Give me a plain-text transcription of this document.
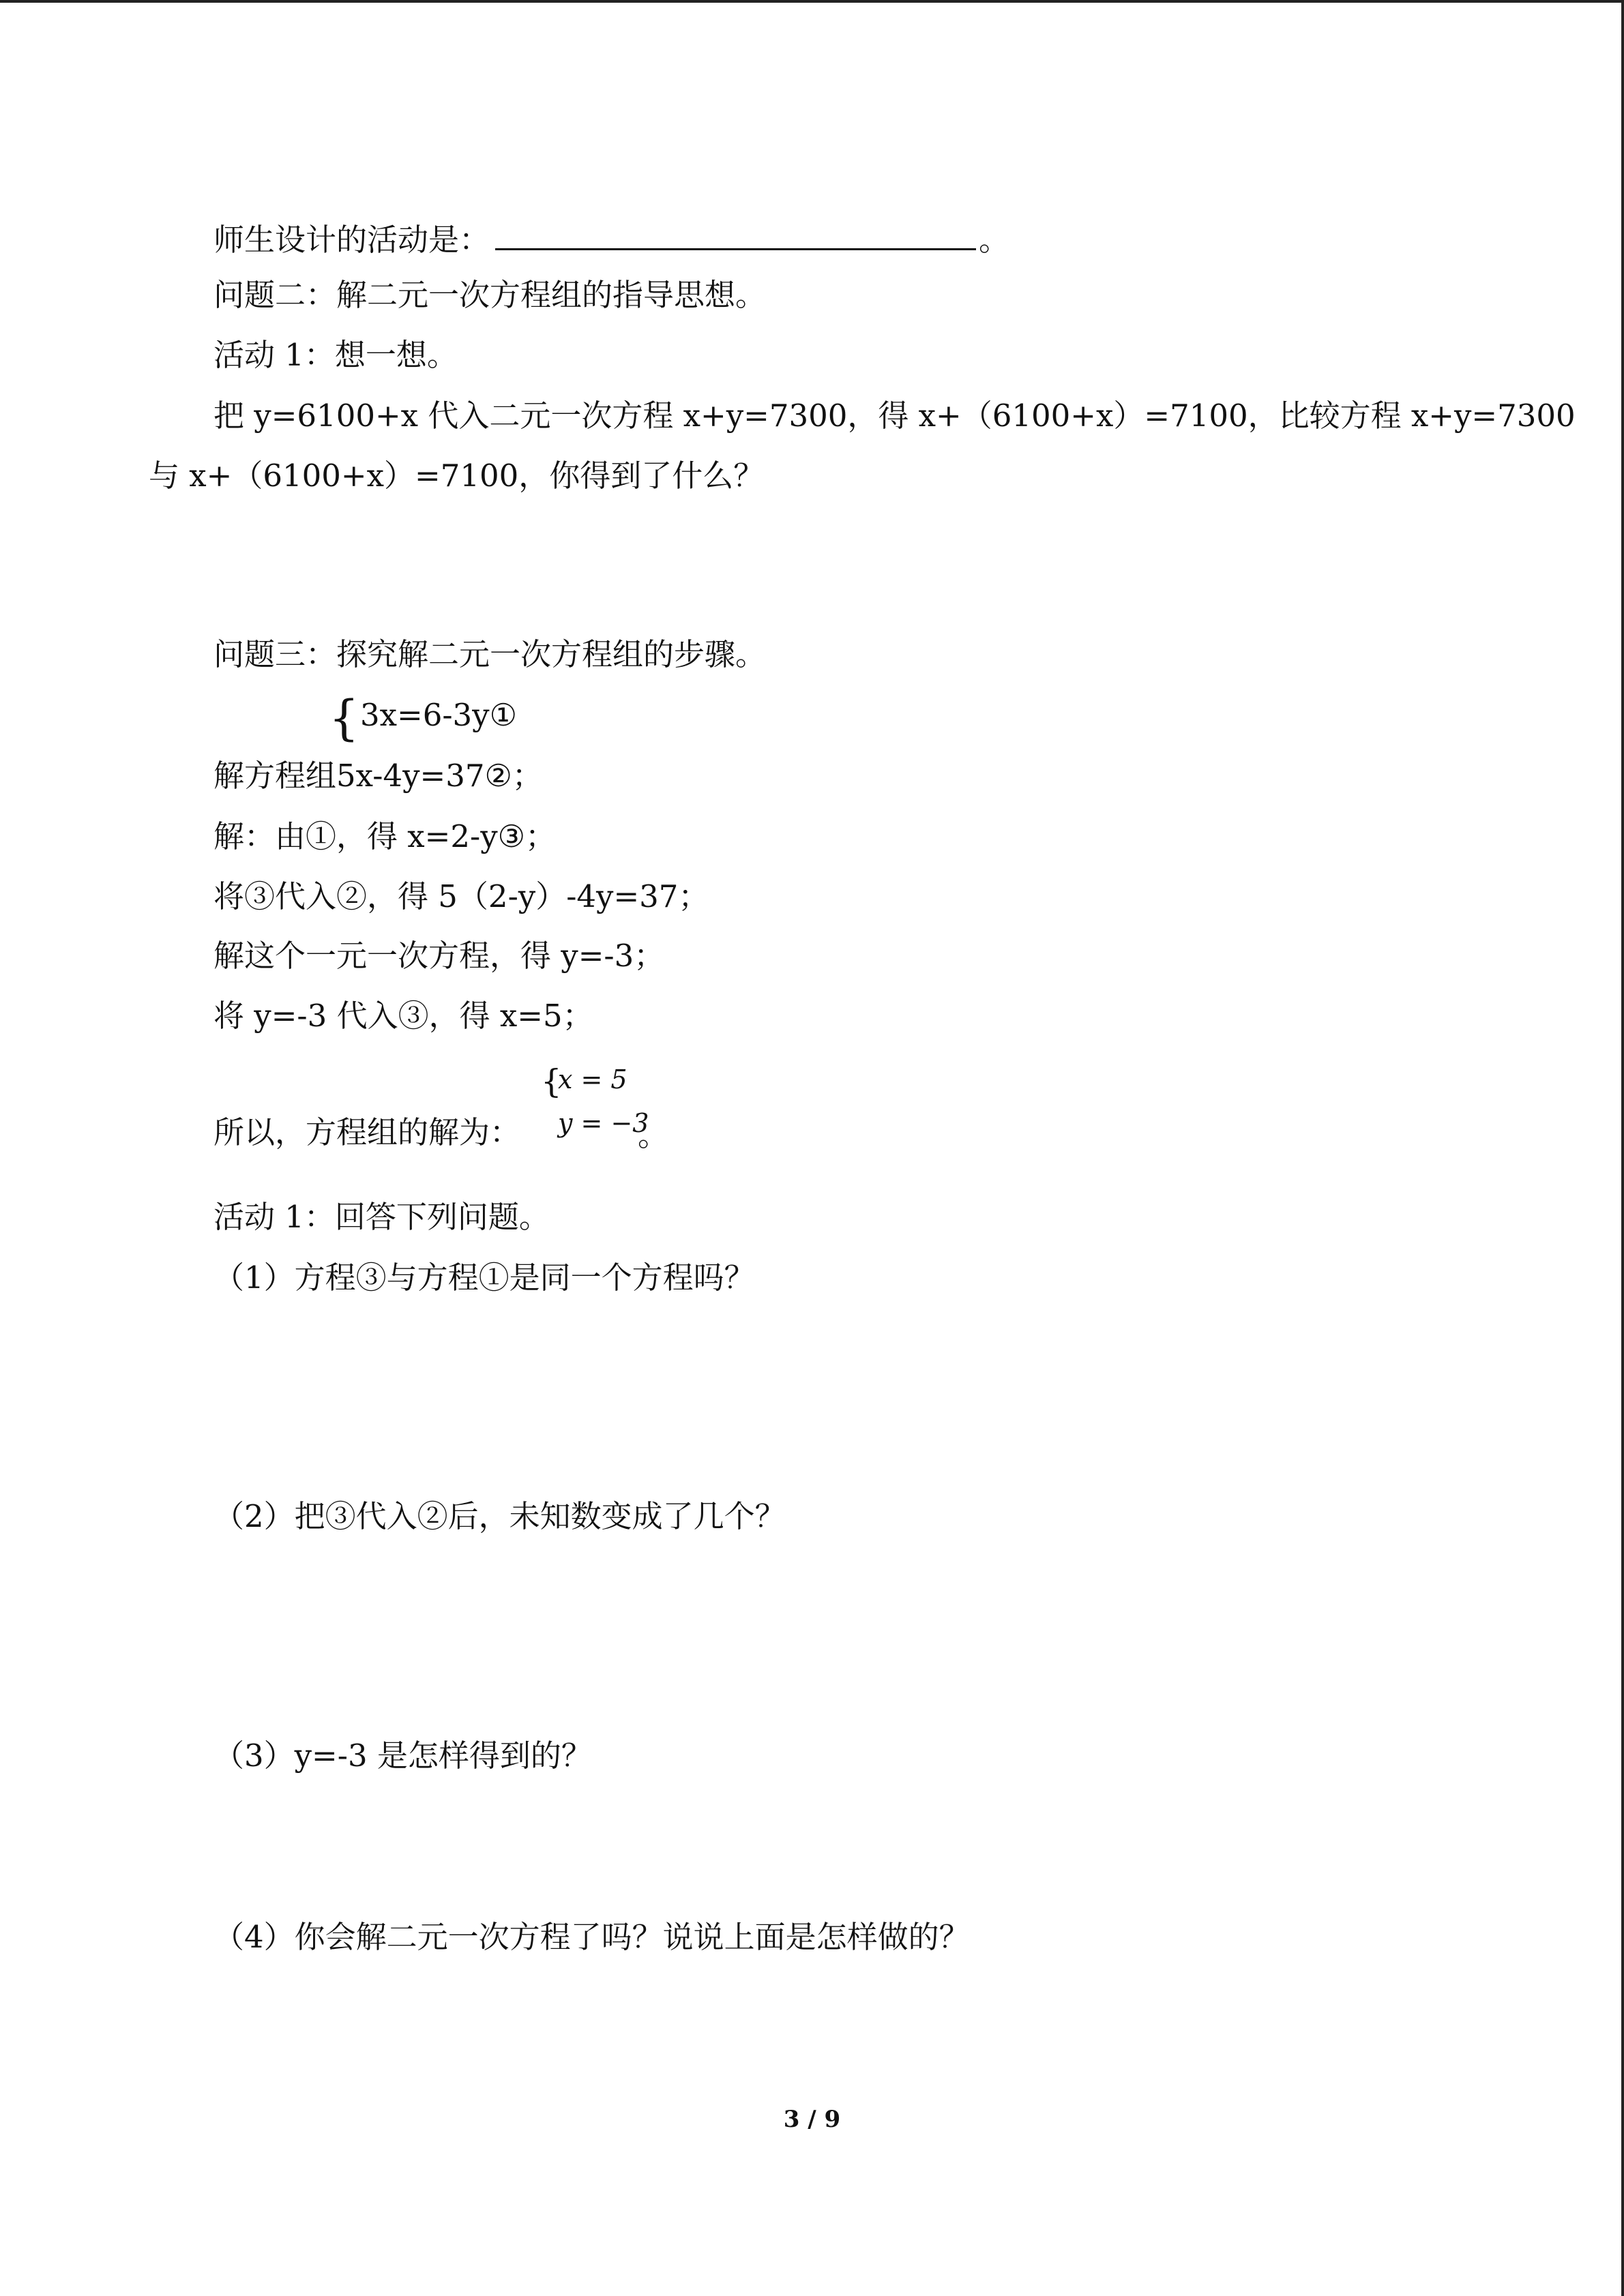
师生设计的活动是：	。
问题二：解二元一次方程组的指导思想。
活动 1：想一想。
把 y=6100+x 代入二元一次方程 x+y=7300，得 x+（6100+x）=7100，比较方程 x+y=7300
与 x+（6100+x）=7100，你得到了什么？
问题三：探究解二元一次方程组的步骤。
{ 3x=6-3y①
解方程组5x-4y=37②；
解：由①，得 x=2-y③；
将③代入②，得 5（2-y）-4y=37；
解这个一元一次方程，得 y=-3；
将 y=-3 代入③，得 x=5；
{
x = 5
所以，方程组的解为： y = −3
。
活动 1：回答下列问题。
（1）方程③与方程①是同一个方程吗？
（2）把③代入②后，未知数变成了几个？
（3）y=-3 是怎样得到的？
（4）你会解二元一次方程了吗？说说上面是怎样做的？
3 / 9
